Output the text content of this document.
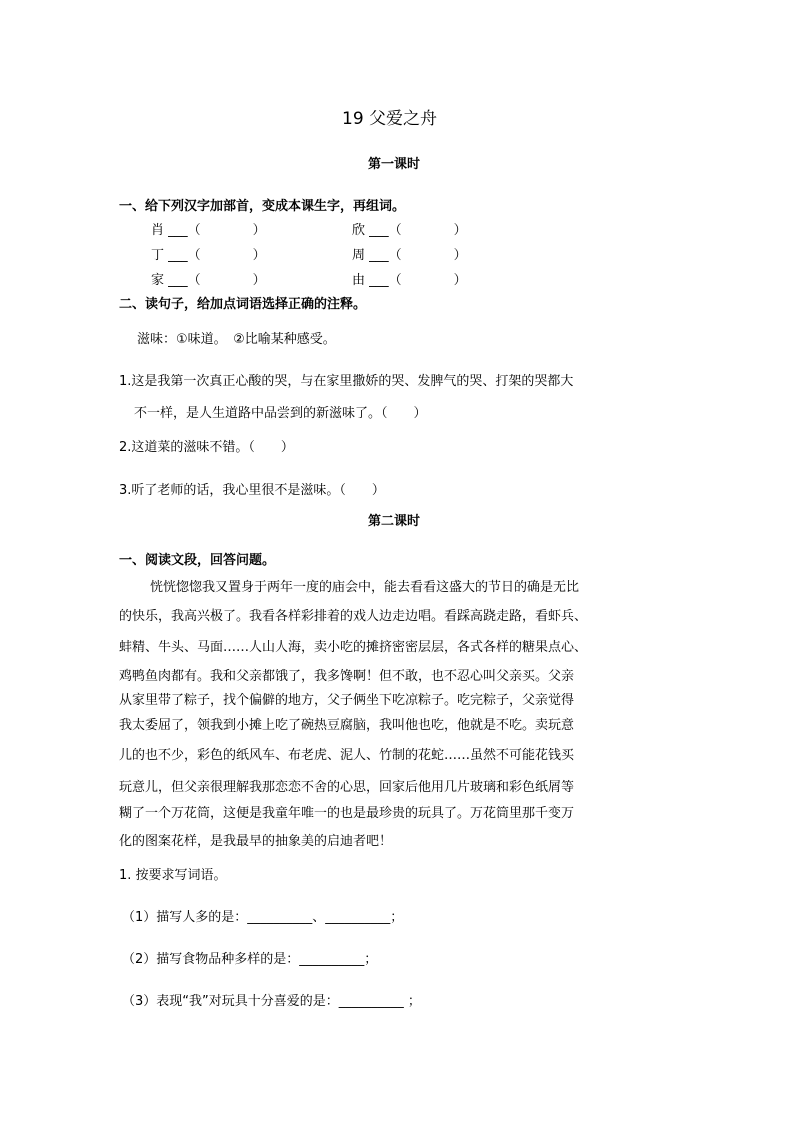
19 父爱之舟
第一课时
一、给下列汉字加部首，变成本课生字，再组词。
肖 ___（　　　　）	欣 ___（　　　　）
丁 ___（　　　　）	周 ___（　　　　）
家 ___（　　　　）	由 ___（　　　　）
二、读句子，给加点词语选择正确的注释。
滋味：①味道。　②比喻某种感受。
1.这是我第一次真正心酸的哭，与在家里撒娇的哭、发脾气的哭、打架的哭都大
不一样，是人生道路中品尝到的新滋味了。（　　）
2.这道菜的滋味不错。（　　）
3.听了老师的话，我心里很不是滋味。（　　）
第二课时
一、阅读文段，回答问题。
恍恍惚惚我又置身于两年一度的庙会中，能去看看这盛大的节日的确是无比
的快乐，我高兴极了。我看各样彩排着的戏人边走边唱。看踩高跷走路，看虾兵、
蚌精、牛头、马面……人山人海，卖小吃的摊挤密密层层，各式各样的糖果点心、
鸡鸭鱼肉都有。我和父亲都饿了，我多馋啊！但不敢，也不忍心叫父亲买。父亲
从家里带了粽子，找个偏僻的地方，父子俩坐下吃凉粽子。吃完粽子，父亲觉得
我太委屈了，领我到小摊上吃了碗热豆腐脑，我叫他也吃，他就是不吃。卖玩意
儿的也不少，彩色的纸风车、布老虎、泥人、竹制的花蛇……虽然不可能花钱买
玩意儿，但父亲很理解我那恋恋不舍的心思，回家后他用几片玻璃和彩色纸屑等
糊了一个万花筒，这便是我童年唯一的也是最珍贵的玩具了。万花筒里那千变万
化的图案花样，是我最早的抽象美的启迪者吧！
1. 按要求写词语。
（1）描写人多的是：__________、__________；
（2）描写食物品种多样的是：__________；
（3）表现“我”对玩具十分喜爱的是：__________ ；
